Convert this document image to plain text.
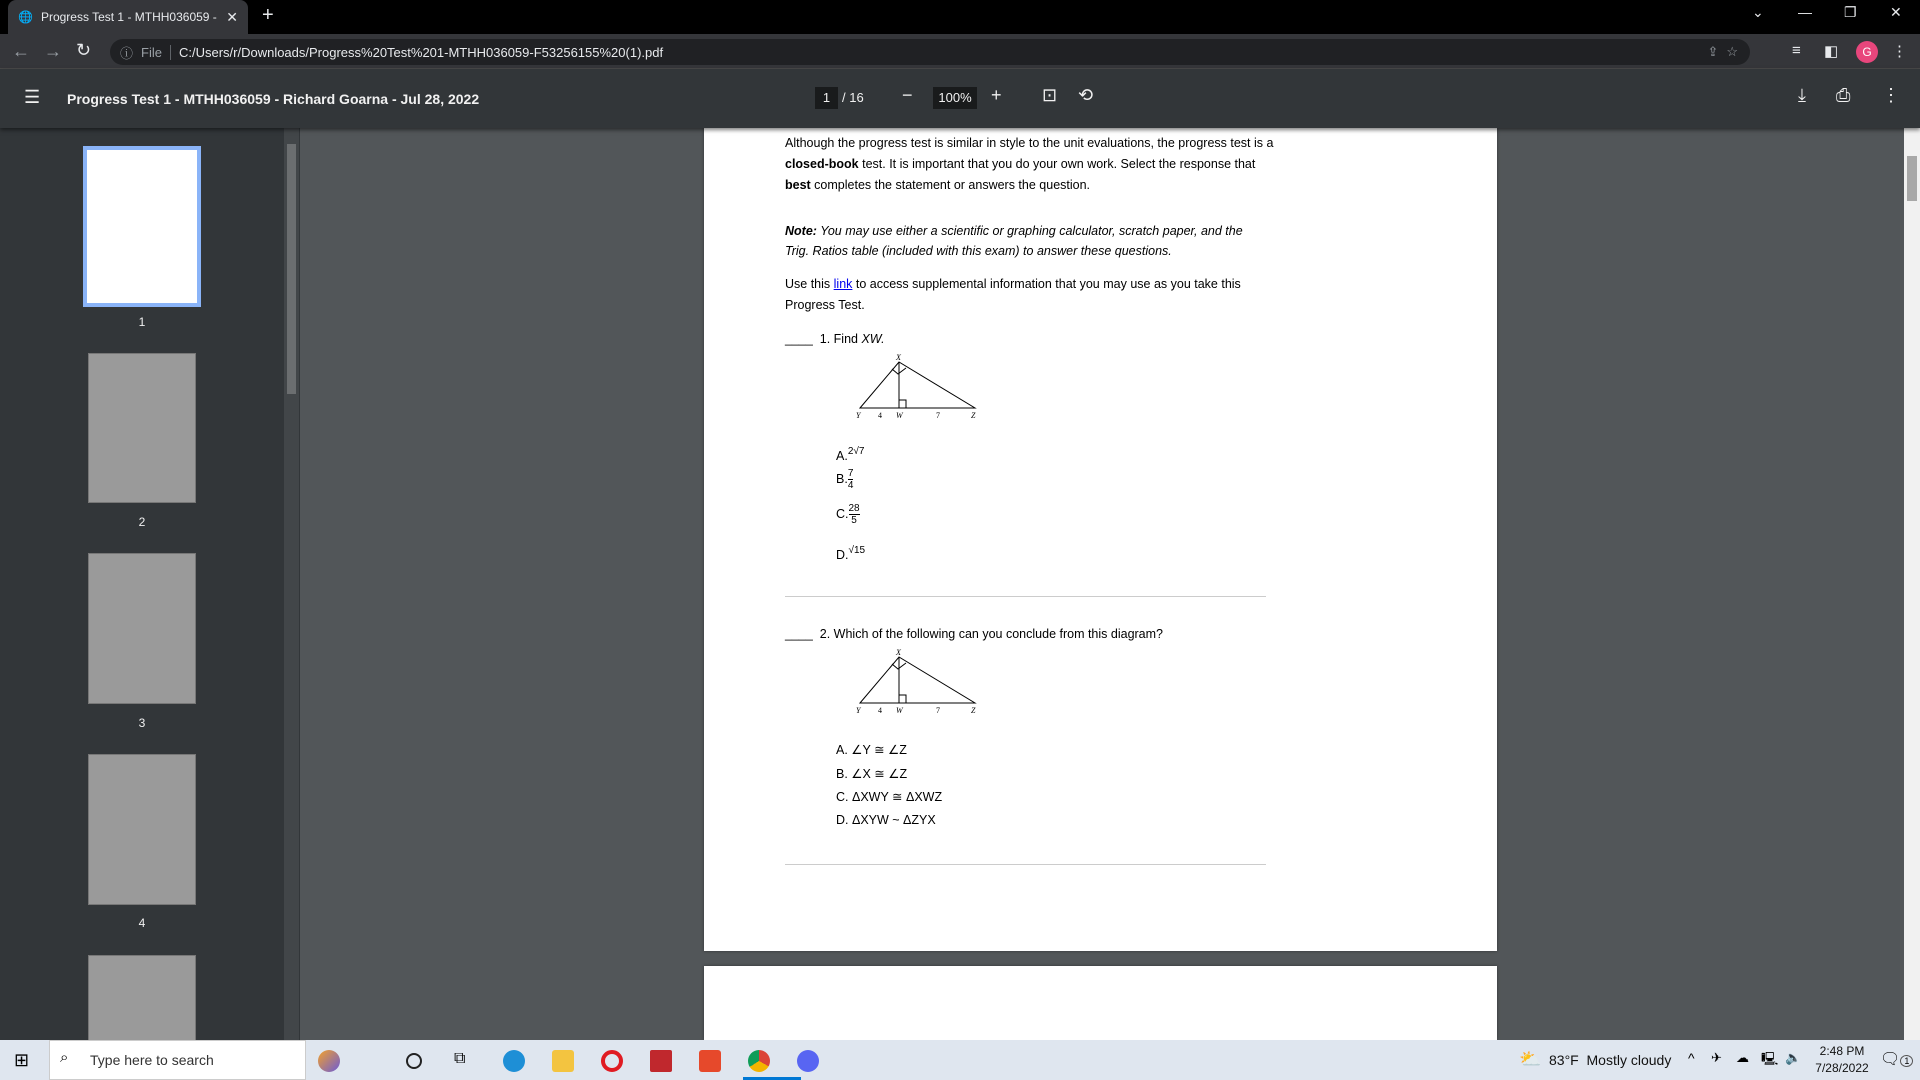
🌐 Progress Test 1 - MTHH036059 - ✕ +	⌄ — ❐ ✕
← → ↻ ⓘ File	C:/Users/r/Downloads/Progress%20Test%201-MTHH036059-F53256155%20(1).pdf	⇪ ☆	≡ ◧	G	⋮
☰ Progress Test 1 - MTHH036059 - Richard Goarna - Jul 28, 2022	1 / 16 −	100% + ⊡ ⟲	⤓ ⎙ ⋮
1
2
3
4
Although the progress test is similar in style to the unit evaluations, the progress test is a
closed-book test. It is important that you do your own work. Select the response that
best completes the statement or answers the question.
Note: You may use either a scientific or graphing calculator, scratch paper, and the
Trig. Ratios table (included with this exam) to answer these questions.
Use this link to access supplemental information that you may use as you take this
Progress Test.
____ 1. Find XW.
X
Y	W	Z
4	7
A.$^{2√7}$
B. $\frac{7}{4}$
C. $\frac{28}{5}$
D.$^{√15}$
____ 2. Which of the following can you conclude from this diagram?
X
Y	W	Z
4	7
A. ∠Y ≅ ∠Z
B. ∠X ≅ ∠Z
C. ΔXWY ≅ ΔXWZ
D. ΔXYW ~ ΔZYX
⊞	Type here to search
⌕	⧉	⛅ 83°F Mostly cloudy ^ ✈ ☁ 🖳 🔈	2:48 PM
7/28/2022 🗨 1
